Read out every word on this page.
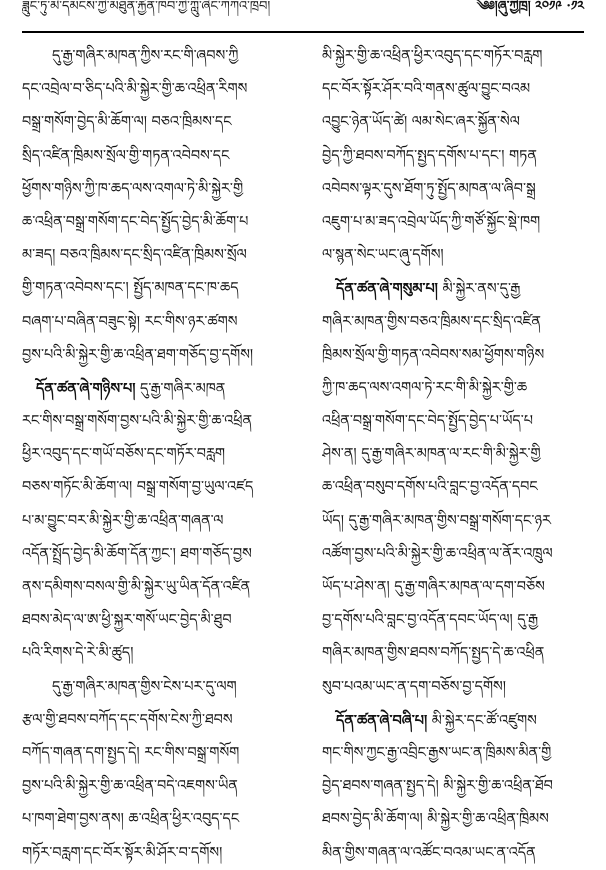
ཟླུང་ཏུ་མི་དམངས་ཀྱི་མཐུན་རྐྱེན་ཁབ་ཀྱི་ཀླུ་ཞིང་ཀཀའ་ཁྲབ།	༄༅།ཞུ་ཀྱིཁྲ། ༢༠༡༩ ·༡༢
དུ་རྒྱ་གཞིར་མཁན་ཀྱིས་རང་གི་ཞབས་ཀྱི
དང་འབྲེལ་བ་ཅིད་པའི་མི་སྐྱེར་གྱི་ཆ་འཕྲིན་རིགས
བསྒྲ་གསོག་བྱེད་མི་ཆོག་ལ། བཅའ་ཁྲིམས་དང
སྲིད་འཛིན་ཁྲིམས་སྲོལ་གྱི་གཏན་འབེབས་དང
ཕྱོགས་གཉིས་ཀྱི་ཁ་ཆད་ལས་འགལ་ཏེ་མི་སྐྱེར་གྱི
ཆ་འཕྲིན་བསྒྲ་གསོག་དང་བེད་སྤྱོད་བྱེད་མི་ཆོག་པ
མ་ཟད། བཅའ་ཁྲིམས་དང་སྲིད་འཛིན་ཁྲིམས་སྲོལ
གྱི་གཏན་འབེབས་དང་། སྤྱོད་མཁན་དང་ཁ་ཆད
བཞག་པ་བཞིན་བཟུང་སྟེ། རང་གིས་ཉར་ཚགས
བྱས་པའི་མི་སྐྱེར་གྱི་ཆ་འཕྲིན་ཐག་གཅོད་བྱ་དགོས།
དོན་ཚན་ཞེ་གཉིས་པ། དུ་རྒྱ་གཞིར་མཁན
རང་གིས་བསྒྲ་གསོག་བྱས་པའི་མི་སྐྱེར་གྱི་ཆ་འཕྲིན
ཕྱིར་འབུད་དང་གཡོ་བཅོས་དང་གཏོར་བརླག
བཅས་གཏོང་མི་ཆོག་ལ། བསྒྲ་གསོག་བྱ་ཡུལ་འཛད
པ་མ་བྱུང་བར་མི་སྐྱེར་གྱི་ཆ་འཕྲིན་གཞན་ལ
འདོན་སྤྲོད་བྱེད་མི་ཆོག་དོན་ཀྱང་། ཐག་གཅོད་བྱས
ནས་དམིགས་བསལ་གྱི་མི་སྐྱེར་ཡུ་ཡིན་དོན་འཛིན
ཐབས་མེད་ལ་ཨ་ཕྱི་སྐྱར་གསོ་ཡང་བྱེད་མི་ཐུབ
པའི་རིགས་དེ་རེ་མི་ཚུད།
དུ་རྒྱ་གཞིར་མཁན་གྱིས་ངེས་པར་དུ་ལག
རྩལ་གྱི་ཐབས་བཀོད་དང་དགོས་ངེས་ཀྱི་ཐབས
བཀོད་གཞན་དག་སྤྱད་དེ། རང་གིས་བསྒྲ་གསོག
བྱས་པའི་མི་སྐྱེར་གྱི་ཆ་འཕྲིན་བདེ་འཇགས་ཡིན
པ་ཁག་ཐེག་བྱས་ནས། ཆ་འཕྲིན་ཕྱིར་འབུད་དང
གཏོར་བརླག་དང་བོར་སྟོར་མི་ཤོར་བ་དགོས།
མི་སྐྱེར་གྱི་ཆ་འཕྲིན་ཕྱིར་འབུད་དང་གཏོར་བརླག
དང་བོར་སྟོར་ཤོར་བའི་གནས་ཚུལ་བྱུང་བའམ
འབྱུང་ཉེན་ཡོད་ཚེ། ལམ་སེང་ཞར་སྐྱོན་སེལ
བྱེད་ཀྱི་ཐབས་བཀོད་སྤྱད་དགོས་པ་དང་། གཏན
འབེབས་ལྟར་དུས་ཐོག་ཏུ་སྤྱོད་མཁན་ལ་ཞིབ་སྒྲ
འཇུག་པ་མ་ཟད་འབྲེལ་ཡོད་ཀྱི་གཙོ་སྐྱོང་སྡེ་ཁག
ལ་སྙན་སེང་ཡང་ཞུ་དགོས།
དོན་ཚན་ཞེ་གསུམ་པ། མི་སྐྱེར་ནས་དུ་རྒྱ
གཞིར་མཁན་གྱིས་བཅའ་ཁྲིམས་དང་སྲིད་འཛིན
ཁྲིམས་སྲོལ་གྱི་གཏན་འབེབས་སམ་ཕྱོགས་གཉིས
ཀྱི་ཁ་ཆད་ལས་འགལ་ཏེ་རང་གི་མི་སྐྱེར་གྱི་ཆ
འཕྲིན་བསྒྲ་གསོག་དང་བེད་སྤྱོད་བྱེད་པ་ཡོད་པ
ཤེས་ན། དུ་རྒྱ་གཞིར་མཁན་ལ་རང་གི་མི་སྐྱེར་གྱི
ཆ་འཕྲིན་བསུབ་དགོས་པའི་བླང་བྱ་འདོན་དབང
ཡོད། དུ་རྒྱ་གཞིར་མཁན་གྱིས་བསྒྲ་གསོག་དང་ཉར
འཚོག་བྱས་པའི་མི་སྐྱེར་གྱི་ཆ་འཕྲིན་ལ་ནོར་འཁྲུལ
ཡོད་པ་ཤེས་ན། དུ་རྒྱ་གཞིར་མཁན་ལ་དག་བཅོས
བྱ་དགོས་པའི་བླང་བྱ་འདོན་དབང་ཡོད་ལ། དུ་རྒྱ
གཞིར་མཁན་གྱིས་ཐབས་བཀོད་སྤྱད་དེ་ཆ་འཕྲིན
སུབ་པའམ་ཡང་ན་དག་བཅོས་བྱ་དགོས།
དོན་ཚན་ཞེ་བཞི་པ། མི་སྐྱེར་དང་ཚོ་འཛུགས
གང་གིས་ཀྱང་རྒྱ་འབྲིང་རྒྱས་ཡང་ན་ཁྲིམས་མིན་གྱི
བྱེད་ཐབས་གཞན་སྤྱད་དེ། མི་སྐྱེར་གྱི་ཆ་འཕྲིན་ཐོབ
ཐབས་བྱེད་མི་ཆོག་ལ། མི་སྐྱེར་གྱི་ཆ་འཕྲིན་ཁྲིམས
མིན་གྱིས་གཞན་ལ་འཚོང་བའམ་ཡང་ན་འདོན
